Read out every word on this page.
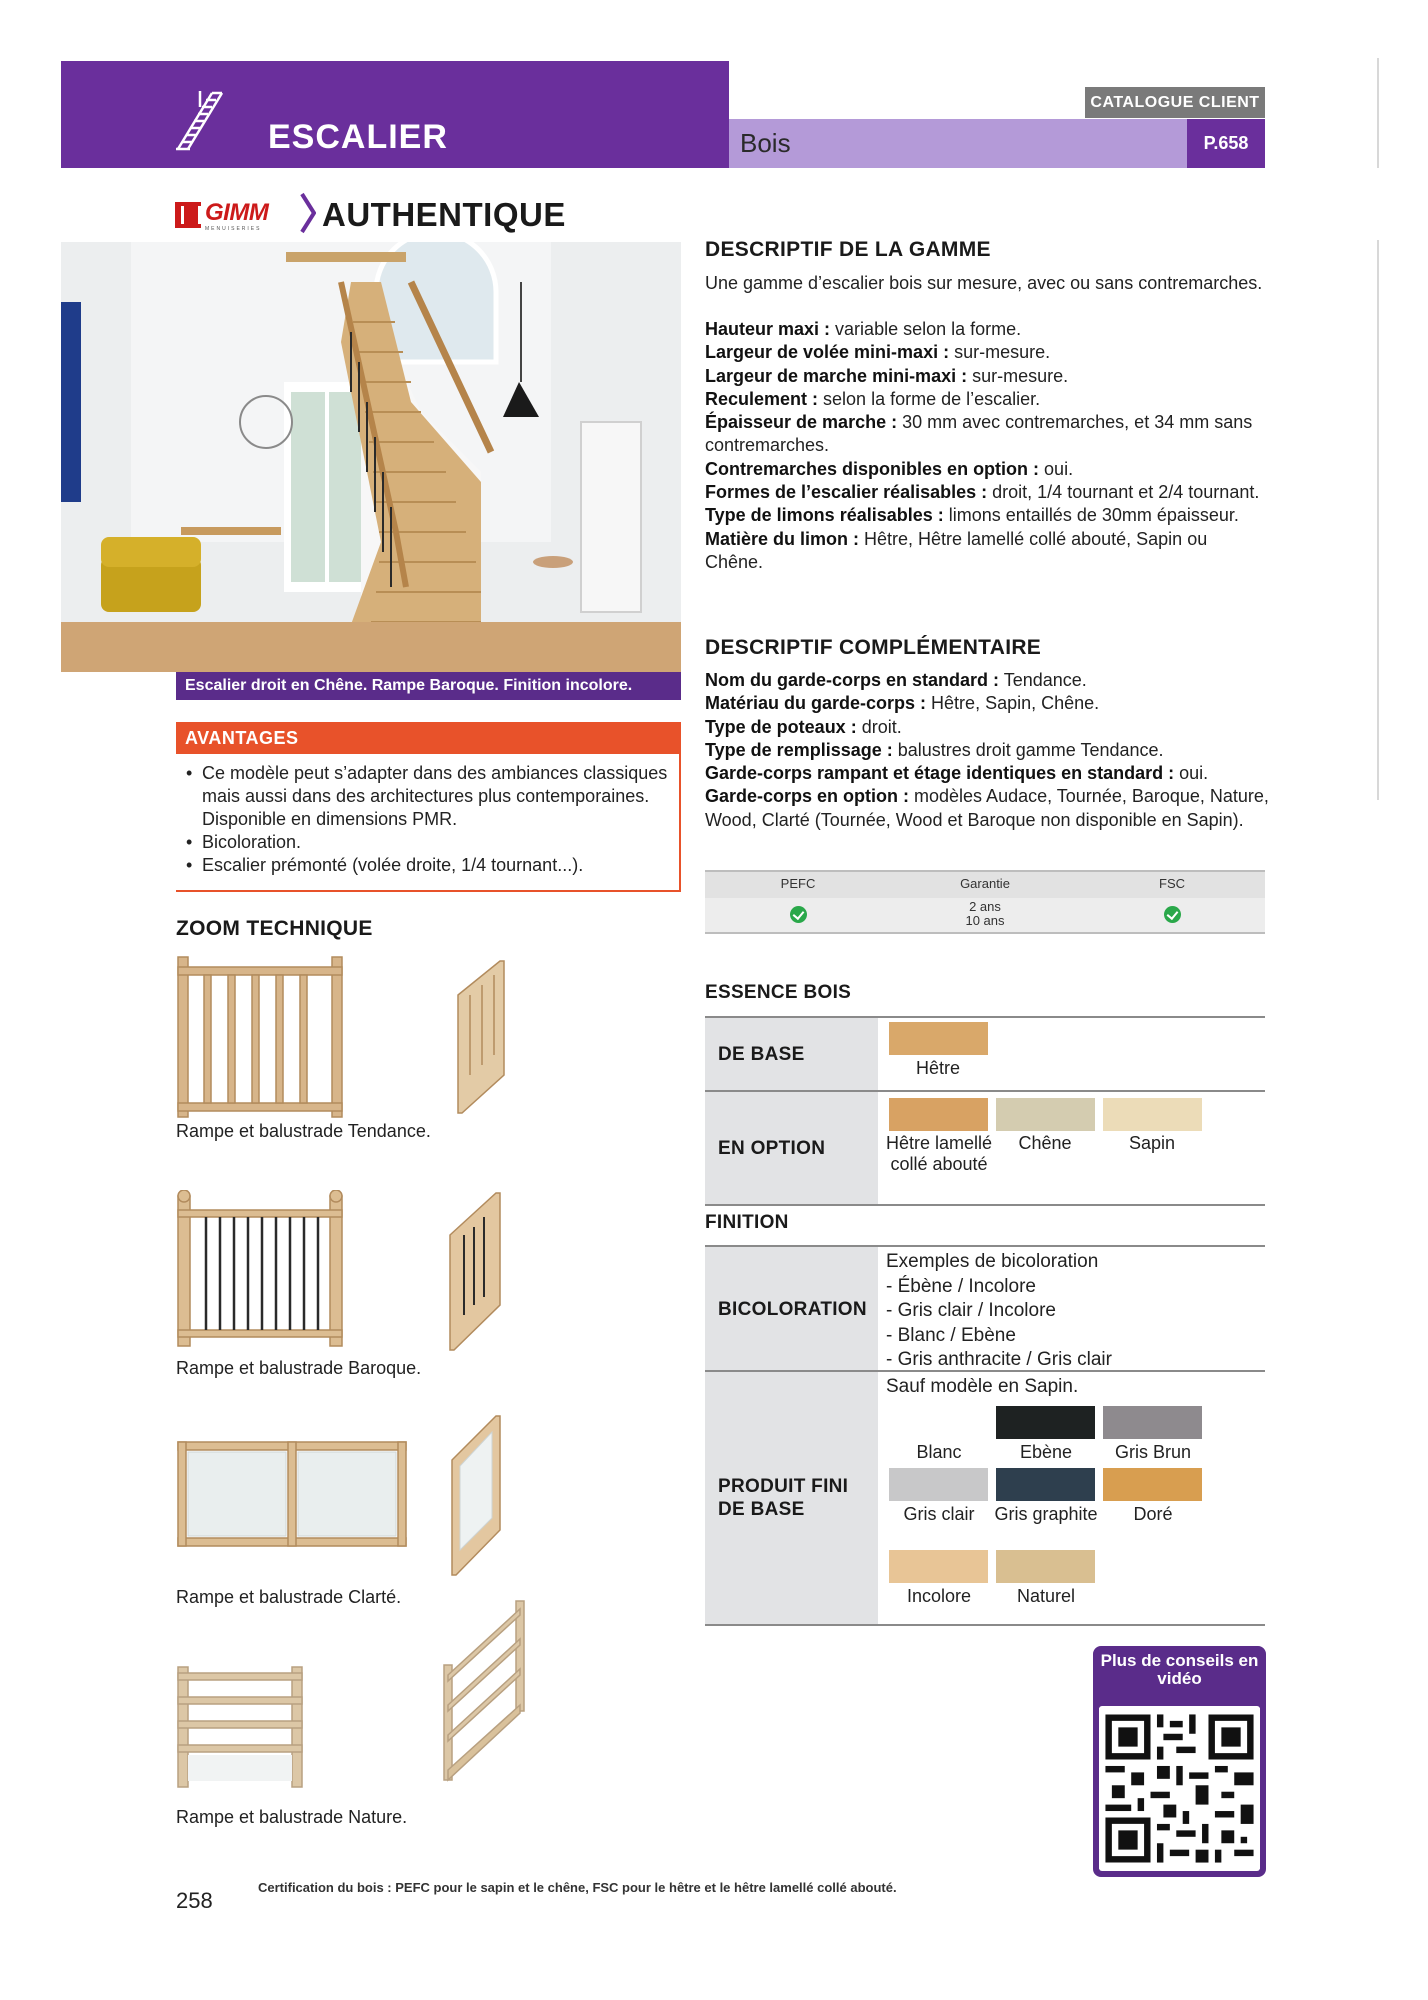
ESCALIER
CATALOGUE CLIENT
Bois	P.658
GIMM
MENUISERIES AUTHENTIQUE
Escalier droit en Chêne. Rampe Baroque. Finition incolore.
AVANTAGES
• Ce modèle peut s’adapter dans des ambiances classiques mais aussi dans des architectures plus contemporaines. Disponible en dimensions PMR.
• Bicoloration.
• Escalier prémonté (volée droite, 1/4 tournant...).
ZOOM TECHNIQUE
Rampe et balustrade Tendance.
Rampe et balustrade Baroque.
Rampe et balustrade Clarté.
Rampe et balustrade Nature.
DESCRIPTIF DE LA GAMME
Une gamme d’escalier bois sur mesure, avec ou sans contremarches.
Hauteur maxi : variable selon la forme.
Largeur de volée mini-maxi : sur-mesure.
Largeur de marche mini-maxi : sur-mesure.
Reculement : selon la forme de l’escalier.
Épaisseur de marche : 30 mm avec contremarches, et 34 mm sans contremarches.
Contremarches disponibles en option : oui.
Formes de l’escalier réalisables : droit, 1/4 tournant et 2/4 tournant.
Type de limons réalisables : limons entaillés de 30mm épaisseur.
Matière du limon : Hêtre, Hêtre lamellé collé abouté, Sapin ou Chêne.
DESCRIPTIF COMPLÉMENTAIRE
Nom du garde-corps en standard : Tendance.
Matériau du garde-corps : Hêtre, Sapin, Chêne.
Type de poteaux : droit.
Type de remplissage : balustres droit gamme Tendance.
Garde-corps rampant et étage identiques en standard : oui.
Garde-corps en option : modèles Audace, Tournée, Baroque, Nature, Wood, Clarté (Tournée, Wood et Baroque non disponible en Sapin).
PEFC	Garantie	FSC
2 ans
10 ans
ESSENCE BOIS
DE BASE
Hêtre
EN OPTION	Hêtre lamellé collé abouté
Chêne	Sapin
FINITION
BICOLORATION
Exemples de bicoloration
- Ébène / Incolore
- Gris clair / Incolore
- Blanc / Ebène
- Gris anthracite / Gris clair
PRODUIT FINI
DE BASE
Sauf modèle en Sapin.
Blanc	Ebène	Gris Brun
Gris clair	Gris graphite	Doré
Incolore	Naturel
Plus de conseils en vidéo
258
Certification du bois : PEFC pour le sapin et le chêne, FSC pour le hêtre et le hêtre lamellé collé abouté.
